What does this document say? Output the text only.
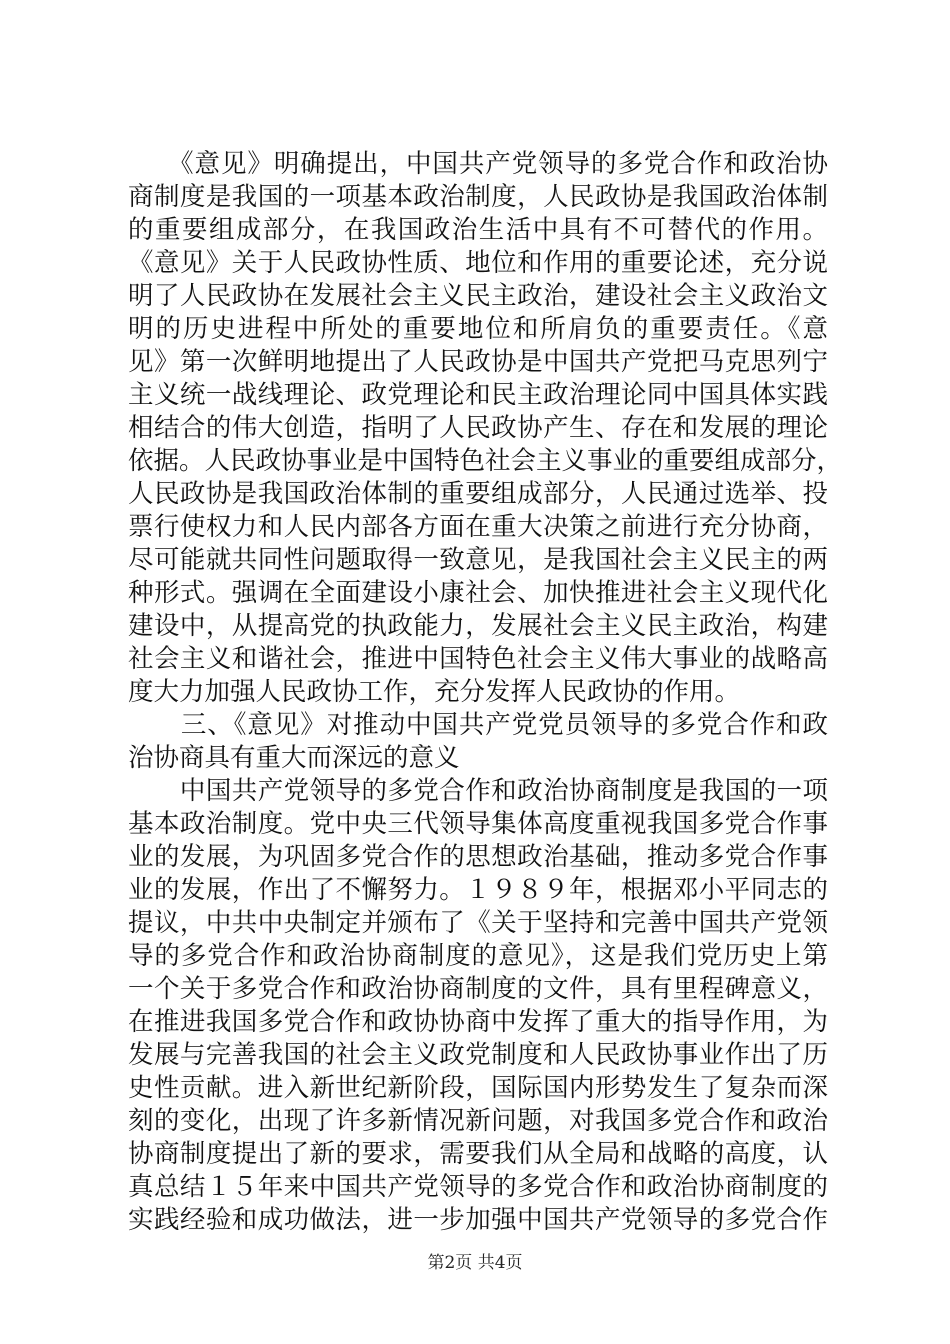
　　《意见》明确提出，中国共产党领导的多党合作和政治协
商制度是我国的一项基本政治制度，人民政协是我国政治体制
的重要组成部分，在我国政治生活中具有不可替代的作用。
《意见》关于人民政协性质、地位和作用的重要论述，充分说
明了人民政协在发展社会主义民主政治，建设社会主义政治文
明的历史进程中所处的重要地位和所肩负的重要责任。《意
见》第一次鲜明地提出了人民政协是中国共产党把马克思列宁
主义统一战线理论、政党理论和民主政治理论同中国具体实践
相结合的伟大创造，指明了人民政协产生、存在和发展的理论
依据。人民政协事业是中国特色社会主义事业的重要组成部分，
人民政协是我国政治体制的重要组成部分，人民通过选举、投
票行使权力和人民内部各方面在重大决策之前进行充分协商，
尽可能就共同性问题取得一致意见，是我国社会主义民主的两
种形式。强调在全面建设小康社会、加快推进社会主义现代化
建设中，从提高党的执政能力，发展社会主义民主政治，构建
社会主义和谐社会，推进中国特色社会主义伟大事业的战略高
度大力加强人民政协工作，充分发挥人民政协的作用。
　　三、《意见》对推动中国共产党党员领导的多党合作和政
治协商具有重大而深远的意义
　　中国共产党领导的多党合作和政治协商制度是我国的一项
基本政治制度。党中央三代领导集体高度重视我国多党合作事
业的发展，为巩固多党合作的思想政治基础，推动多党合作事
业的发展，作出了不懈努力。１９８９年，根据邓小平同志的
提议，中共中央制定并颁布了《关于坚持和完善中国共产党领
导的多党合作和政治协商制度的意见》，这是我们党历史上第
一个关于多党合作和政治协商制度的文件，具有里程碑意义，
在推进我国多党合作和政协协商中发挥了重大的指导作用，为
发展与完善我国的社会主义政党制度和人民政协事业作出了历
史性贡献。进入新世纪新阶段，国际国内形势发生了复杂而深
刻的变化，出现了许多新情况新问题，对我国多党合作和政治
协商制度提出了新的要求，需要我们从全局和战略的高度，认
真总结１５年来中国共产党领导的多党合作和政治协商制度的
实践经验和成功做法，进一步加强中国共产党领导的多党合作
第2页 共4页
